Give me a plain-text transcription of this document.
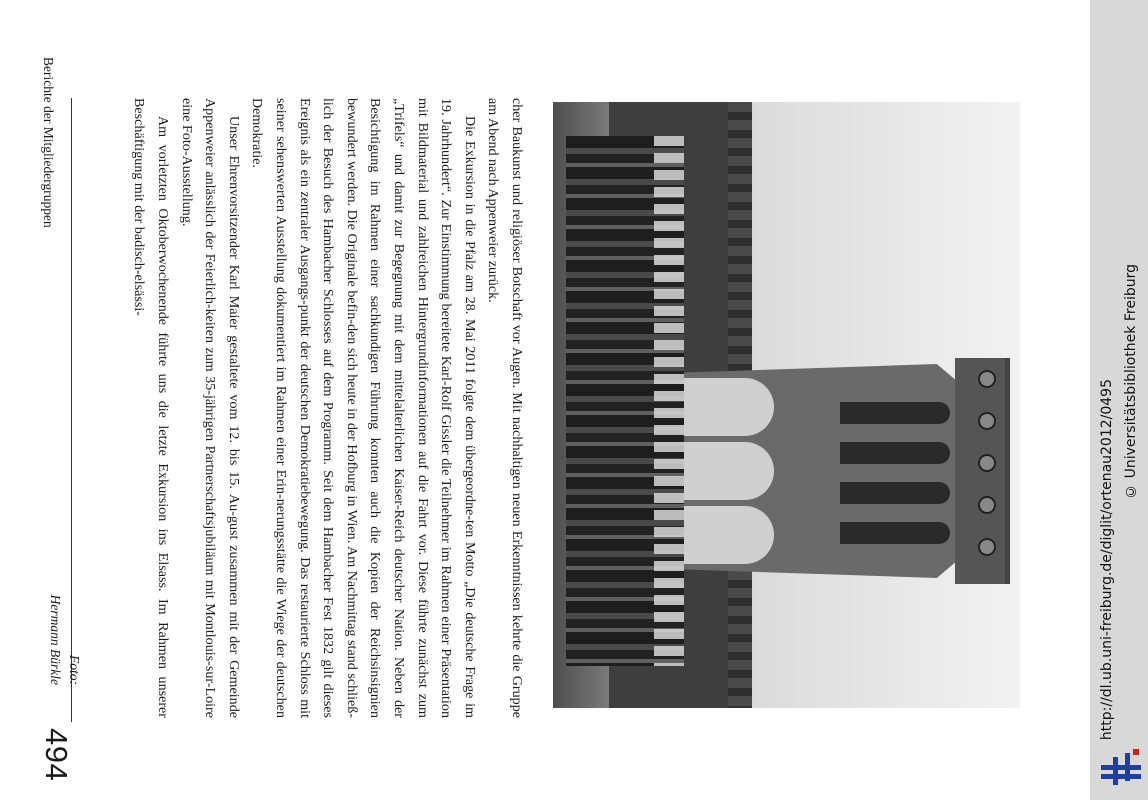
494
Berichte der Mitgliedergruppen	cher Baukunst und religiöser Botschaft vor Augen. Mit nachhaltigen neuen Erkenntnissen kehrte die Gruppe am Abend nach Appenweier zurück.

Die Exkursion in die Pfalz am 28. Mai 2011 folgte dem übergeordne-ten Motto „Die deutsche Frage im 19. Jahrhundert“. Zur Einstimmung bereitete Karl-Rolf Gissler die Teilnehmer im Rahmen einer Präsentation mit Bildmaterial und zahlreichen Hintergrundinformationen auf die Fahrt vor. Diese führte zunächst zum „Trifels“ und damit zur Begegnung mit dem mittelalterlichen Kaiser-Reich deutscher Nation. Neben der Besichtigung im Rahmen einer sachkundigen Führung konnten auch die Kopien der Reichsinsignien bewundert werden. Die Originale befin-den sich heute in der Hofburg in Wien. Am Nachmittag stand schließ-lich der Besuch des Hambacher Schlosses auf dem Programm. Seit dem Hambacher Fest 1832 gilt dieses Ereignis als ein zentraler Ausgangs-punkt der deutschen Demokratiebewegung. Das restaurierte Schloss mit seiner sehenswerten Ausstellung dokumentiert im Rahmen einer Erin-nerungsstätte die Wiege der deutschen Demokratie.

Unser Ehrenvorsitzender Karl Maier gestaltete vom 12. bis 15. Au-gust zusammen mit der Gemeinde Appenweier anlässlich der Feierlich-keiten zum 35-jährigen Partnerschaftsjubiläum mit Montlouis-sur-Loire eine Foto-Ausstellung.

Am vorletzten Oktoberwochenende führte uns die letzte Exkursion ins Elsass. Im Rahmen unserer Beschäftigung mit der badisch-elsässi-

Foto:
Hermann Bürkle	http://dl.ub.uni-freiburg.de/diglit/ortenau2012/0495 © Universitätsbibliothek Freiburg
